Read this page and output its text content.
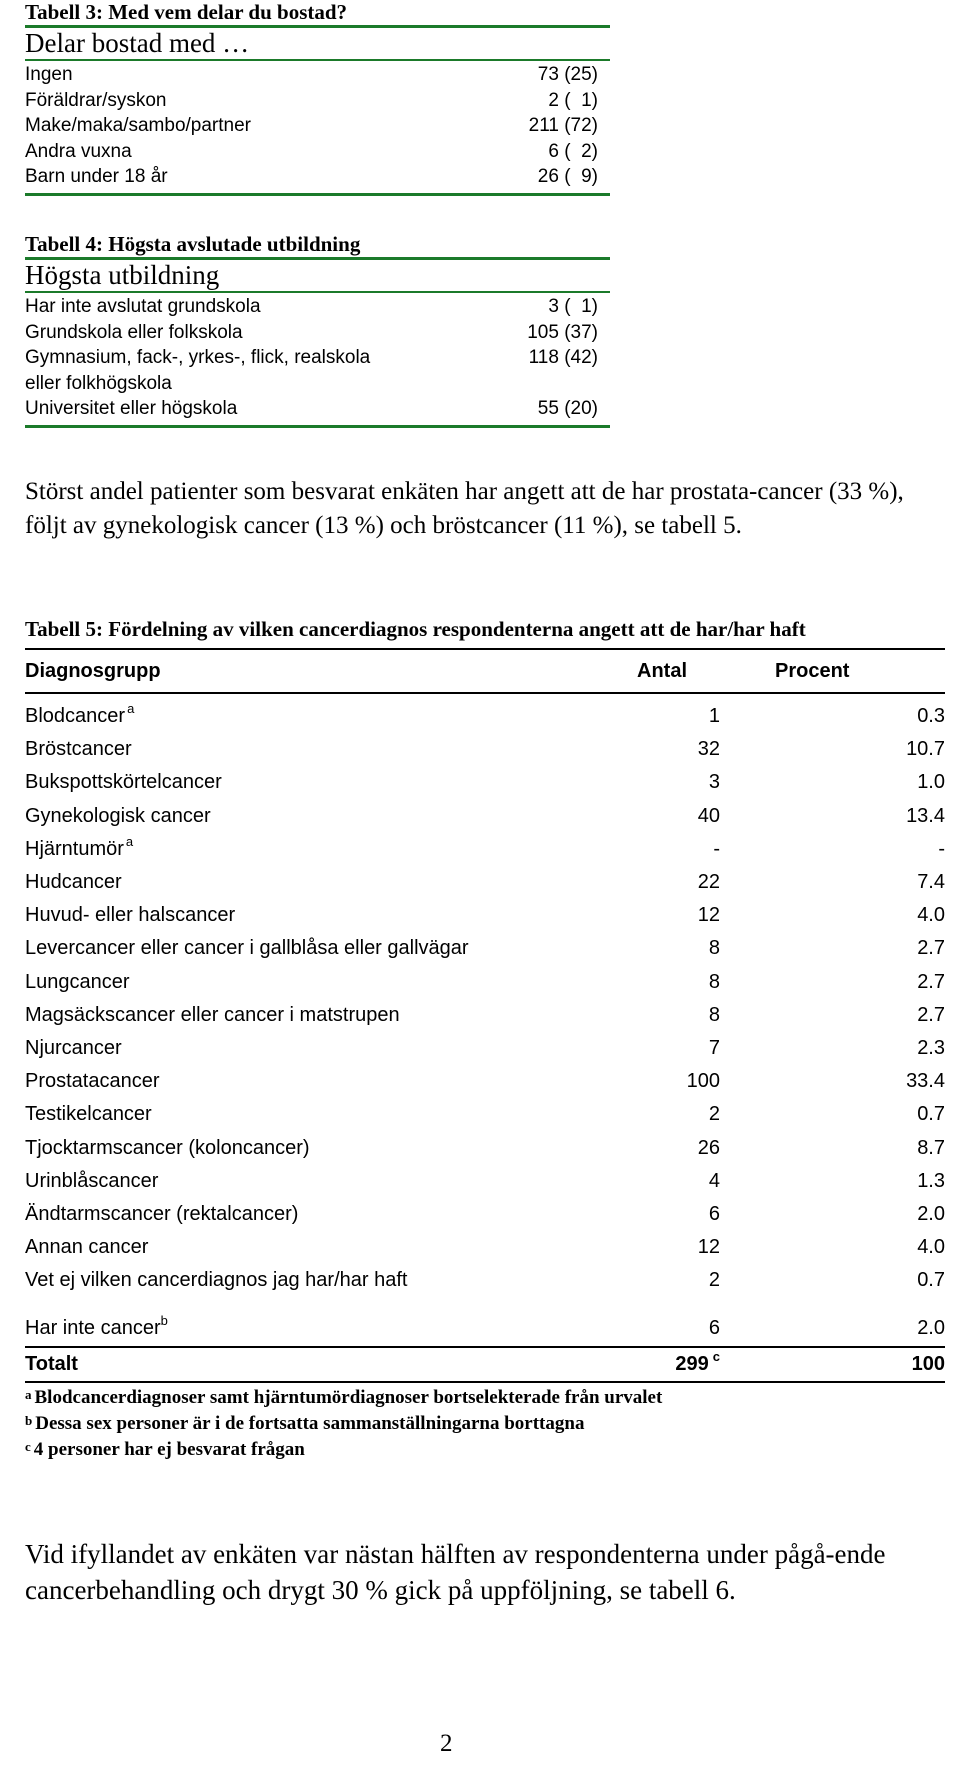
Tabell 3: Med vem delar du bostad?
Delar bostad med …
Ingen	73 (25)
Föräldrar/syskon	2 (  1)
Make/maka/sambo/partner	211 (72)
Andra vuxna	6 (  2)
Barn under 18 år	26 (  9)
Tabell 4: Högsta avslutade utbildning
Högsta utbildning
Har inte avslutat grundskola	3 (  1)
Grundskola eller folkskola	105 (37)
Gymnasium, fack-, yrkes-, flick, realskola	118 (42)
eller folkhögskola
Universitet eller högskola	55 (20)
Störst andel patienter som besvarat enkäten har angett att de har prostata-cancer (33 %), följt av gynekologisk cancer (13 %) och bröstcancer (11 %), se tabell 5.
Tabell 5: Fördelning av vilken cancerdiagnos respondenterna angett att de har/har haft
Diagnosgrupp	Antal	Procent
Blodcancer $^a$	1	0.3
Bröstcancer	32	10.7
Bukspottskörtelcancer	3	1.0
Gynekologisk cancer	40	13.4
Hjärntumör $^a$	-	-
Hudcancer	22	7.4
Huvud- eller halscancer	12	4.0
Levercancer eller cancer i gallblåsa eller gallvägar	8	2.7
Lungcancer	8	2.7
Magsäckscancer eller cancer i matstrupen	8	2.7
Njurcancer	7	2.3
Prostatacancer	100	33.4
Testikelcancer	2	0.7
Tjocktarmscancer (koloncancer)	26	8.7
Urinblåscancer	4	1.3
Ändtarmscancer (rektalcancer)	6	2.0
Annan cancer	12	4.0
Vet ej vilken cancerdiagnos jag har/har haft	2	0.7
Har inte cancer$^b$	6	2.0
Totalt	299 $^c$	100
$^a$ Blodcancerdiagnoser samt hjärntumördiagnoser bortselekterade från urvalet
$^b$ Dessa sex personer är i de fortsatta sammanställningarna borttagna
$^c$ 4 personer har ej besvarat frågan
Vid ifyllandet av enkäten var nästan hälften av respondenterna under pågå-ende cancerbehandling och drygt 30 % gick på uppföljning, se tabell 6.
2
